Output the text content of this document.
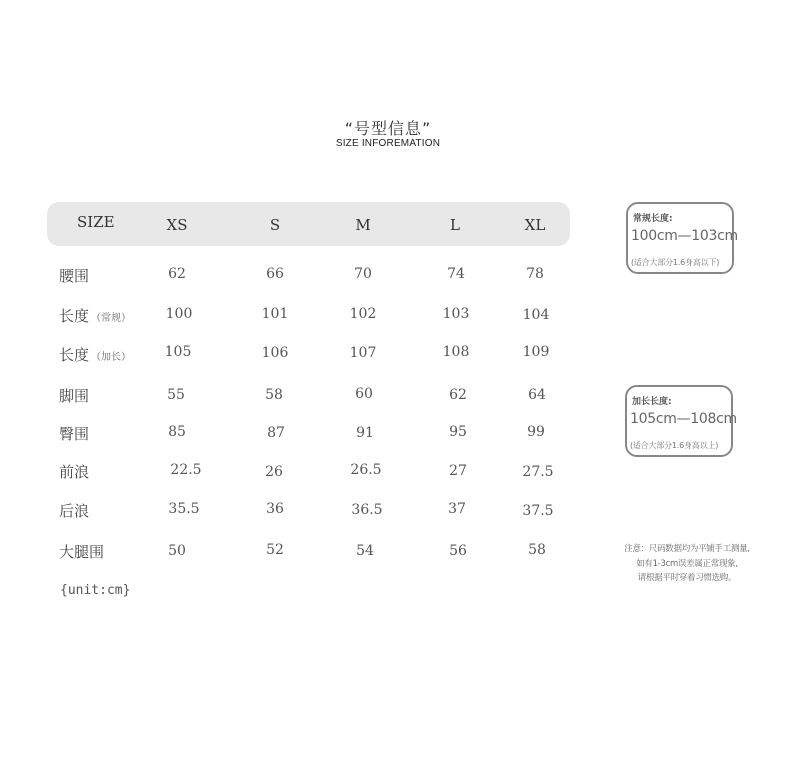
“号型信息”
SIZE INFOREMATION
SIZE	XS	S	M	L	XL
腰围	62	66	70	74	78
长度 （常规） 100	101	102	103	104
长度 （加长） 105	106	107	108	109
脚围	55	58	60	62	64
臀围	85	87	91	95	99
前浪	22.5	26	26.5	27	27.5
后浪	35.5	36	36.5	37	37.5
大腿围	50	52	54	56	58
{unit:cm}
常规长度:
100cm—103cm
(适合大部分1.6身高以下)
加长长度:
105cm—108cm
(适合大部分1.6身高以上)
注意：尺码数据均为平铺手工测量,
如有1-3cm误差属正常现象,
请根据平时穿着习惯选购。
